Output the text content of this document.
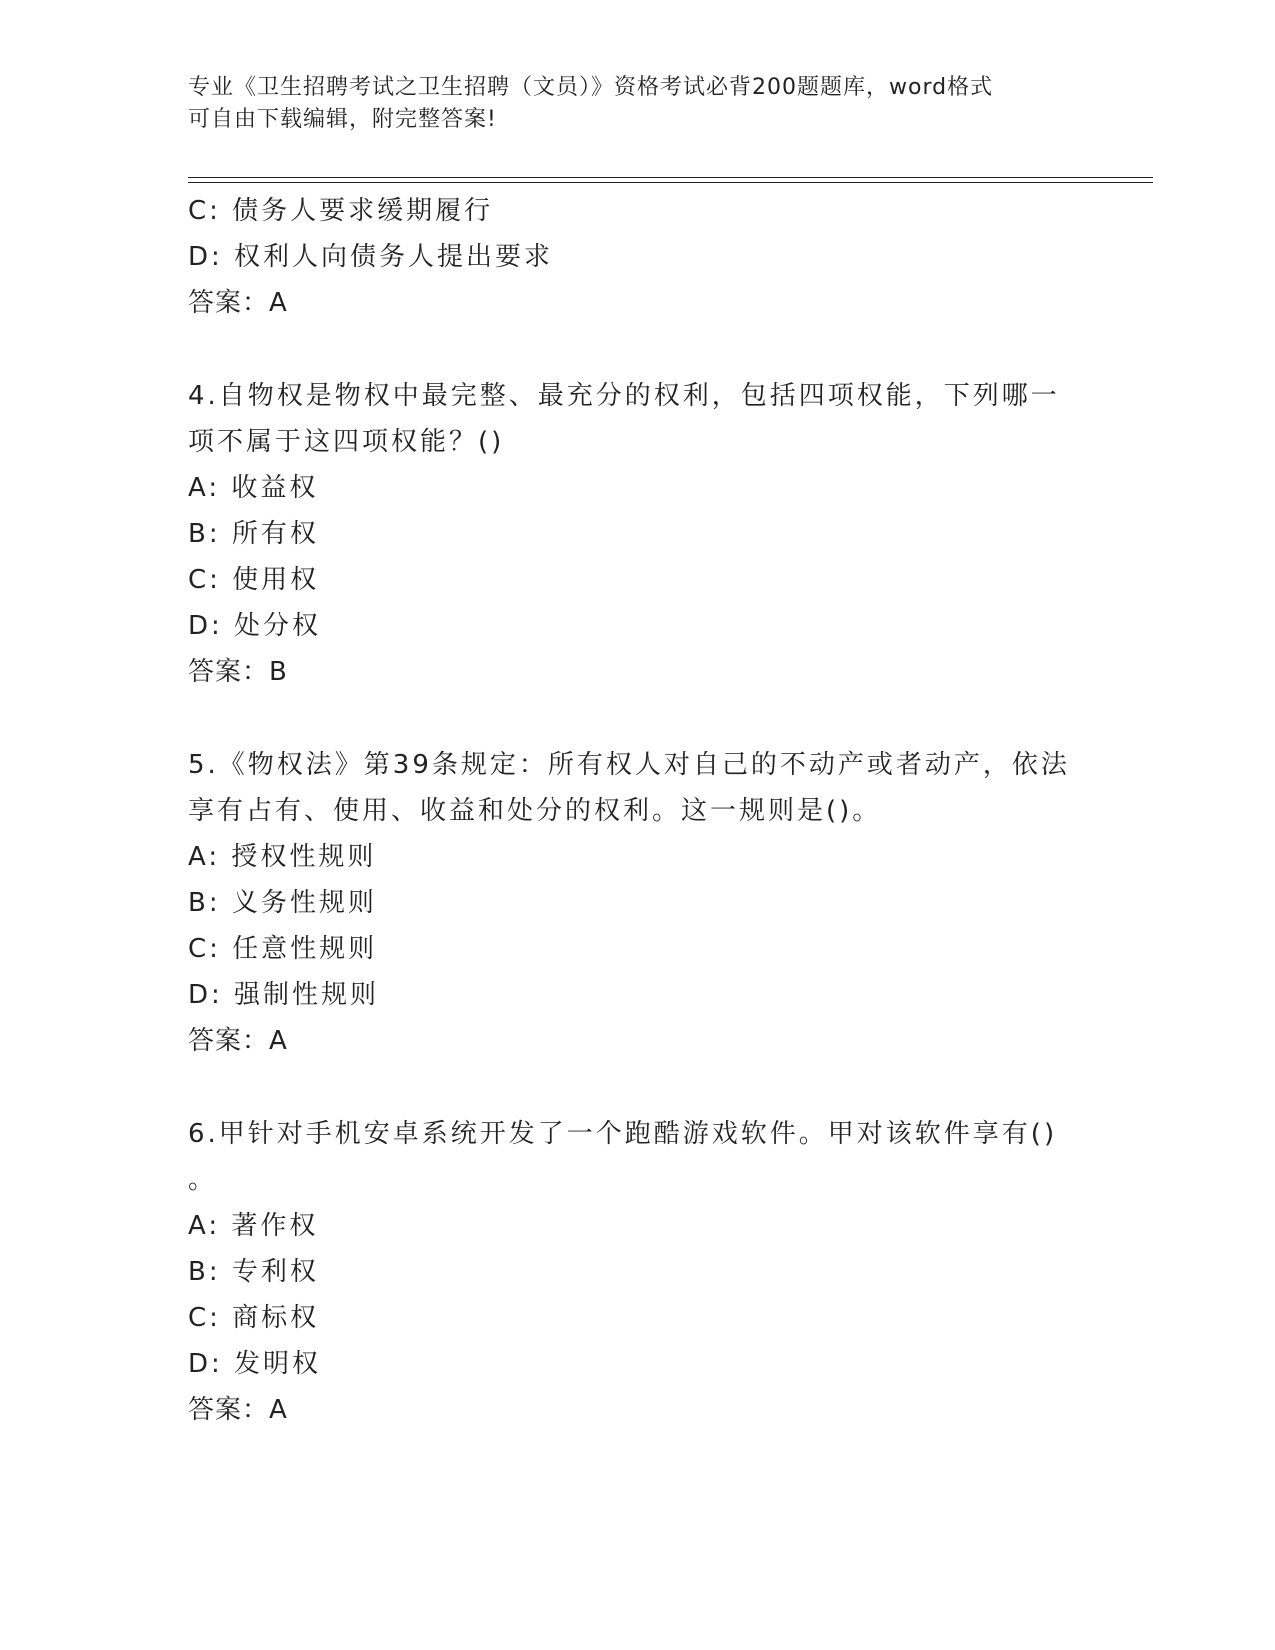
专业《卫生招聘考试之卫生招聘（文员）》资格考试必背200题题库，word格式
可自由下载编辑，附完整答案!
C: 债务人要求缓期履行
D: 权利人向债务人提出要求
答案：A
4.自物权是物权中最完整、最充分的权利，包括四项权能，下列哪一
项不属于这四项权能？()
A: 收益权
B: 所有权
C: 使用权
D: 处分权
答案：B
5.《物权法》第39条规定：所有权人对自己的不动产或者动产，依法
享有占有、使用、收益和处分的权利。这一规则是()。
A: 授权性规则
B: 义务性规则
C: 任意性规则
D: 强制性规则
答案：A
6.甲针对手机安卓系统开发了一个跑酷游戏软件。甲对该软件享有()
。
A: 著作权
B: 专利权
C: 商标权
D: 发明权
答案：A
